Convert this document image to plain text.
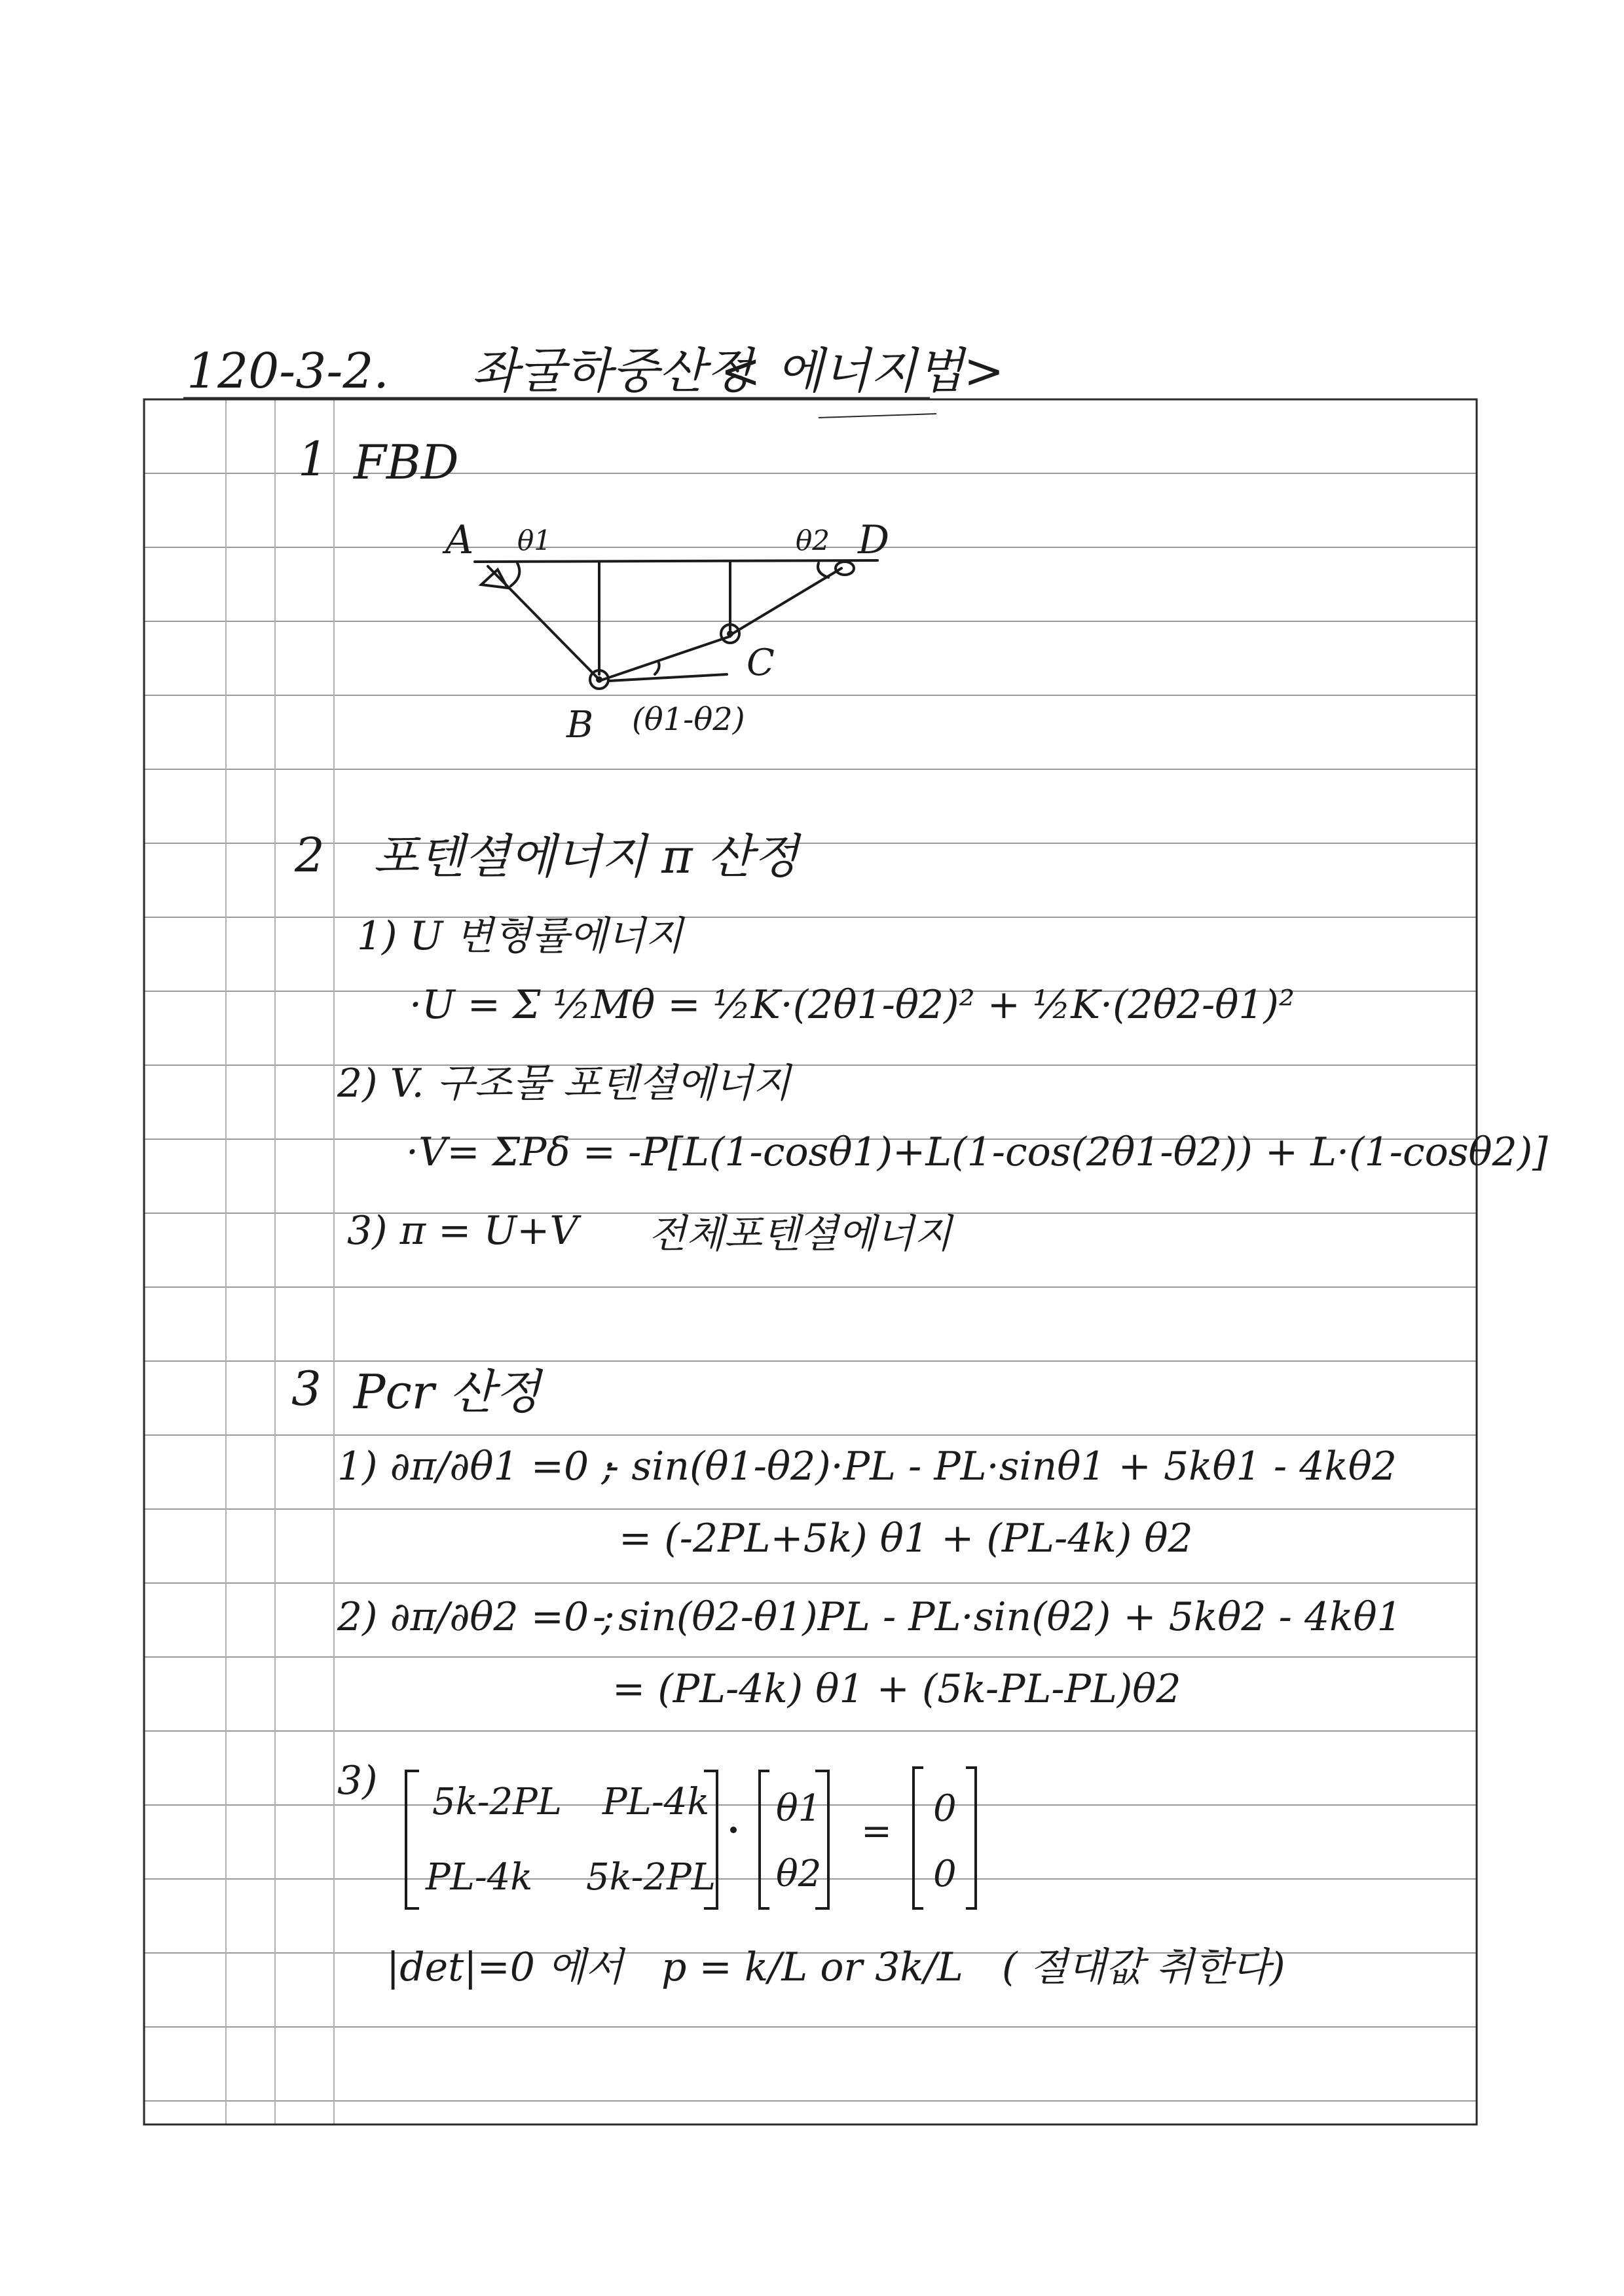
120-3-2. 좌굴하중산정
< 에너지법>
1 FBD
A θ1	θ2 D
C
B (θ1-θ2)
2 포텐셜에너지 π 산정
1) U 변형률에너지
·U = Σ ½Mθ = ½K·(2θ1-θ2)² + ½K·(2θ2-θ1)²
2) V. 구조물 포텐셜에너지
·V= ΣPδ = -P[L(1-cosθ1)+L(1-cos(2θ1-θ2)) + L·(1-cosθ2)]
3) π = U+V 전체포텐셜에너지
3 Pcr 산정
1) ∂π/∂θ1 =0 ;
- sin(θ1-θ2)·PL - PL·sinθ1 + 5kθ1 - 4kθ2
= (-2PL+5k) θ1 + (PL-4k) θ2
2) ∂π/∂θ2 =0 ;
- sin(θ2-θ1)PL - PL·sin(θ2) + 5kθ2 - 4kθ1
= (PL-4k) θ1 + (5k-PL-PL)θ2
3) 5k-2PL PL-4k
PL-4k 5k-2PL
θ1
θ2
=
0
0
|det|=0 에서 p = k/L or 3k/L ( 절대값 취한다)
